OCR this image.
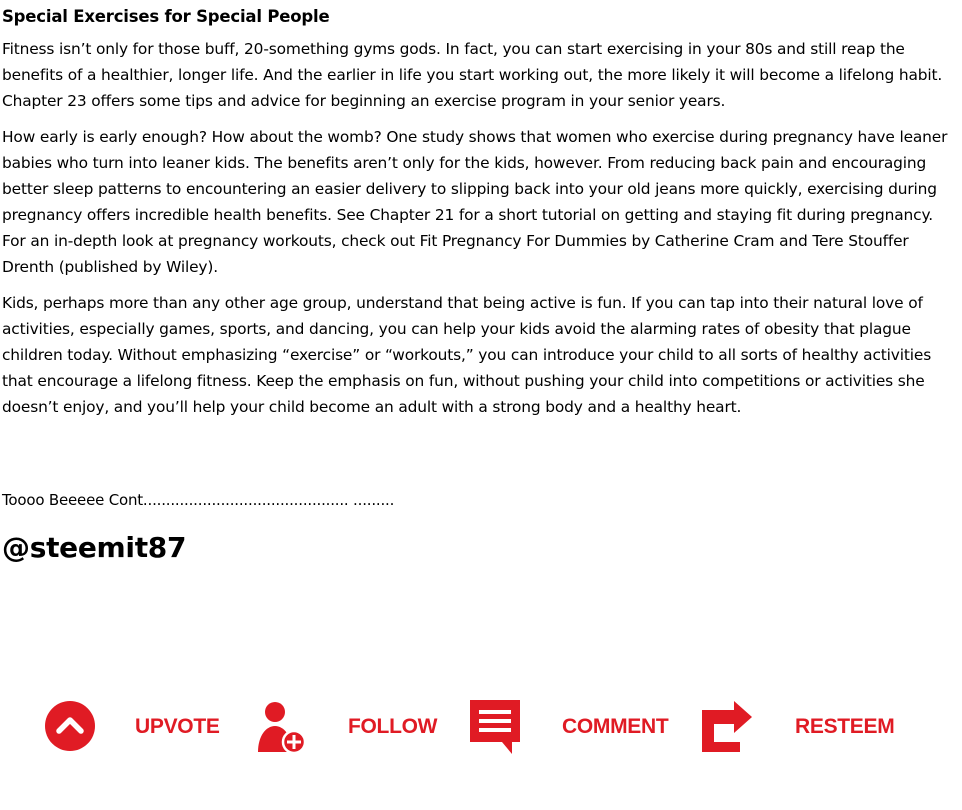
Special Exercises for Special People

Fitness isn’t only for those buff, 20-something gyms gods. In fact, you can start exercising in your 80s and still reap the benefits of a healthier, longer life. And the earlier in life you start working out, the more likely it will become a lifelong habit. Chapter 23 offers some tips and advice for beginning an exercise program in your senior years.

How early is early enough? How about the womb? One study shows that women who exercise during pregnancy have leaner babies who turn into leaner kids. The benefits aren’t only for the kids, however. From reducing back pain and encouraging better sleep patterns to encountering an easier delivery to slipping back into your old jeans more quickly, exercising during pregnancy offers incredible health benefits. See Chapter 21 for a short tutorial on getting and staying fit during pregnancy. For an in-depth look at pregnancy workouts, check out Fit Pregnancy For Dummies by Catherine Cram and Tere Stouffer Drenth (published by Wiley).

Kids, perhaps more than any other age group, understand that being active is fun. If you can tap into their natural love of activities, especially games, sports, and dancing, you can help your kids avoid the alarming rates of obesity that plague children today. Without emphasizing “exercise” or “workouts,” you can introduce your child to all sorts of healthy activities that encourage a lifelong fitness. Keep the emphasis on fun, without pushing your child into competitions or activities she doesn’t enjoy, and you’ll help your child become an adult with a strong body and a healthy heart.

Toooo Beeeee Cont............................................. .........
@steemit87
UPVOTE	FOLLOW	COMMENT	RESTEEM
